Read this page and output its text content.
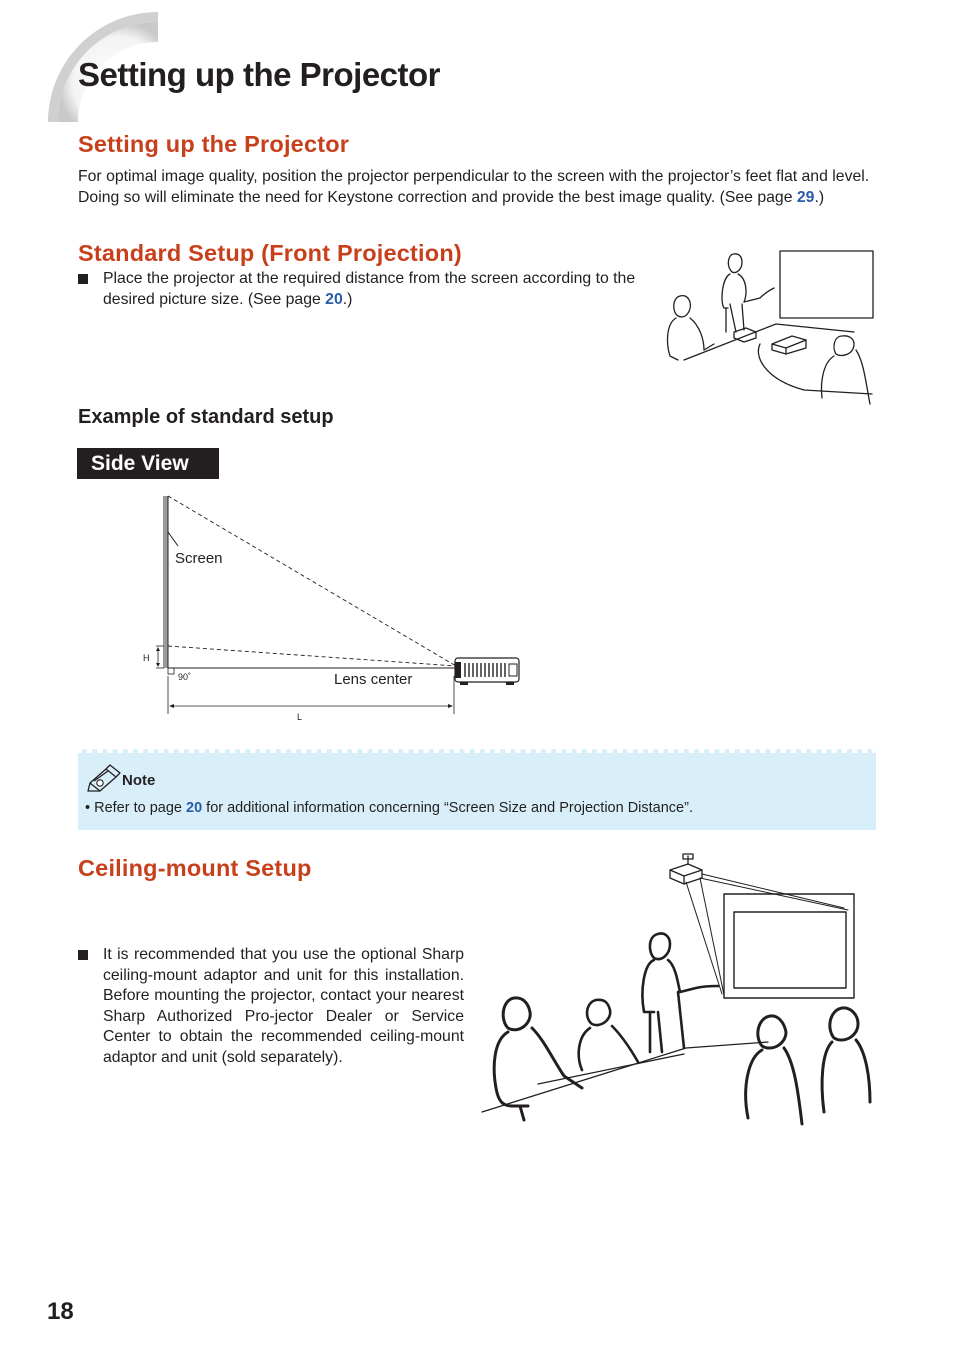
Setting up the Projector
Setting up the Projector

For optimal image quality, position the projector perpendicular to the screen with the projector’s feet flat and level. Doing so will eliminate the need for Keystone correction and provide the best image quality. (See page 29.)

Standard Setup (Front Projection)
Place the projector at the required distance from the screen according to the desired picture size. (See page 20.)
Example of standard setup
Side View
H
90˚
L
Screen
Lens center
Note
• Refer to page 20 for additional information concerning “Screen Size and Projection Distance”.
Ceiling-mount Setup
It is recommended that you use the optional Sharp ceiling-mount adaptor and unit for this installation. Before mounting the projector, contact your nearest Sharp Authorized Pro-jector Dealer or Service Center to obtain the recommended ceiling-mount adaptor and unit (sold separately).
18
